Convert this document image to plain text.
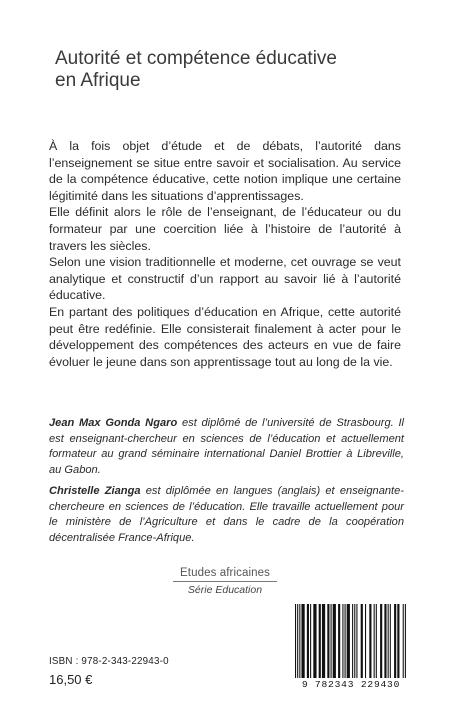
Autorité et compétence éducative
en Afrique

À la fois objet d’étude et de débats, l’autorité dans l’enseignement se situe entre savoir et socialisation. Au service de la compétence éducative, cette notion implique une certaine légitimité dans les situations d’apprentissages.

Elle définit alors le rôle de l’enseignant, de l’éducateur ou du formateur par une coercition liée à l’histoire de l’autorité à travers les siècles.

Selon une vision traditionnelle et moderne, cet ouvrage se veut analytique et constructif d’un rapport au savoir lié à l’autorité éducative.

En partant des politiques d’éducation en Afrique, cette autorité peut être redéfinie. Elle consisterait finalement à acter pour le développement des compétences des acteurs en vue de faire évoluer le jeune dans son apprentissage tout au long de la vie.

Jean Max Gonda Ngaro est diplômé de l’université de Strasbourg. Il est enseignant-chercheur en sciences de l’éducation et actuellement formateur au grand séminaire international Daniel Brottier à Libreville, au Gabon.
Christelle Zianga est diplômée en langues (anglais) et enseignante-chercheure en sciences de l’éducation. Elle travaille actuellement pour le ministère de l’Agriculture et dans le cadre de la coopération décentralisée France-Afrique.
Etudes africaines
Série Education
ISBN : 978-2-343-22943-0
16,50 €	9 782343 229430
